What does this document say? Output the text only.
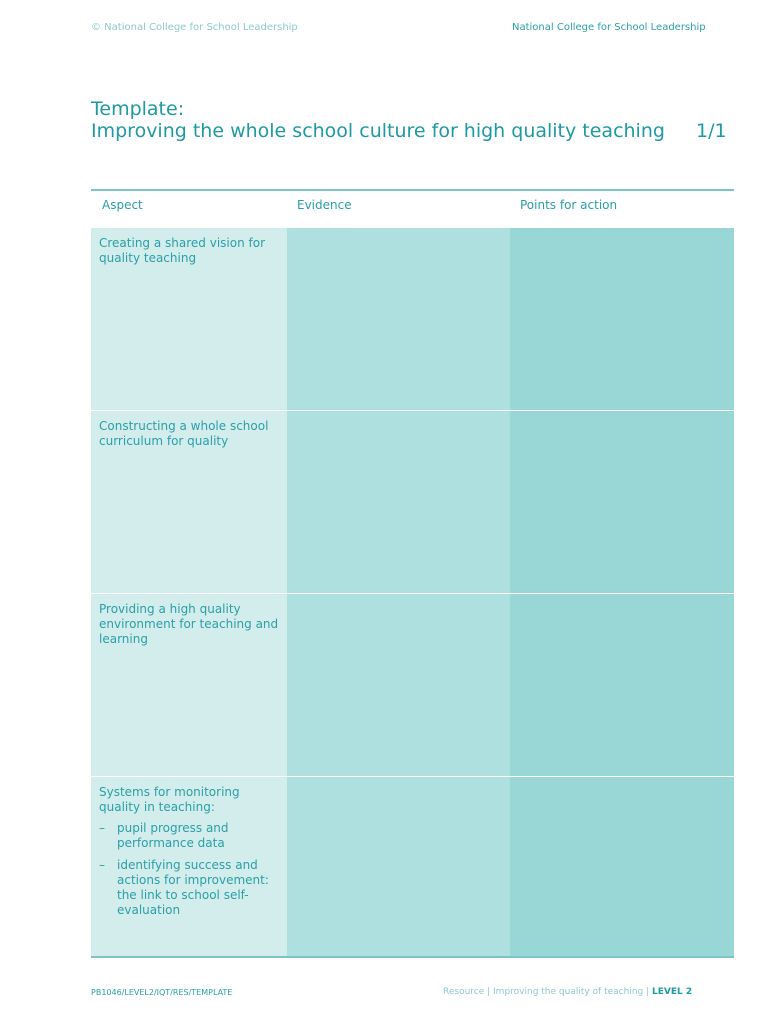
© National College for School Leadership	National College for School Leadership
Template:
Improving the whole school culture for high quality teaching 1/1
Aspect	Evidence	Points for action
Creating a shared vision for quality teaching
Constructing a whole school curriculum for quality
Providing a high quality environment for teaching and learning

Systems for monitoring quality in teaching:

– pupil progress and performance data
– identifying success and actions for improvement: the link to school self-evaluation
PB1046/LEVEL2/IQT/RES/TEMPLATE	Resource | Improving the quality of teaching | LEVEL 2
